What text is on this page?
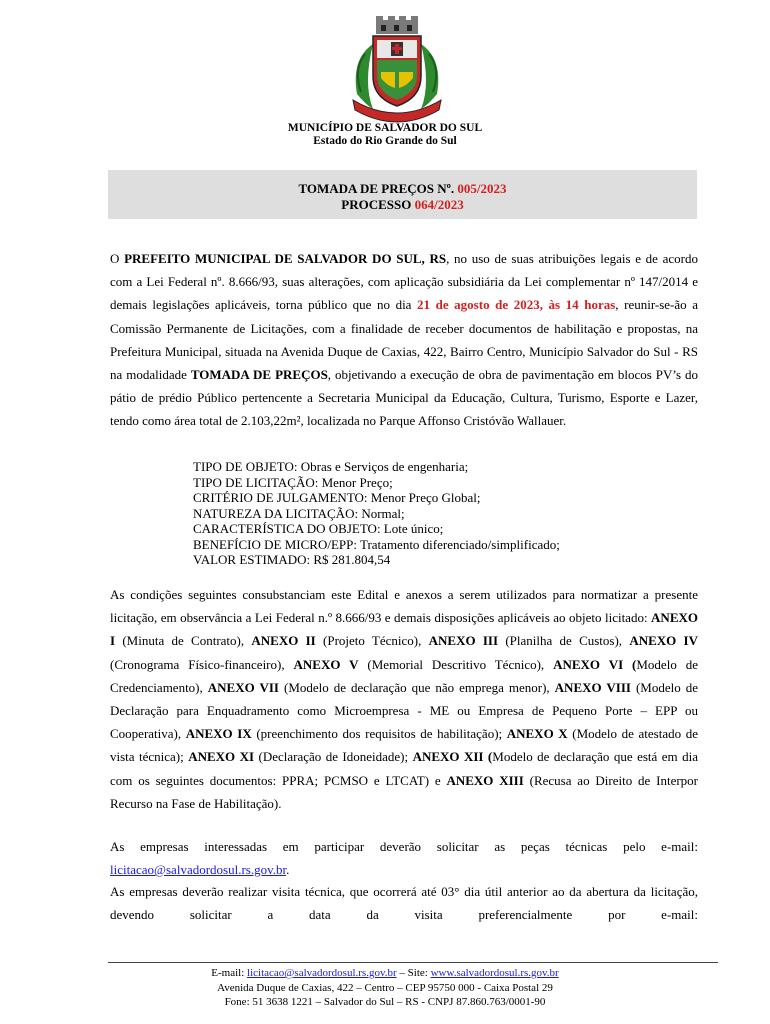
MUNICÍPIO DE SALVADOR DO SUL
Estado do Rio Grande do Sul
TOMADA DE PREÇOS Nº. 005/2023
PROCESSO 064/2023
O PREFEITO MUNICIPAL DE SALVADOR DO SUL, RS, no uso de suas atribuições legais e de acordo com a Lei Federal nº. 8.666/93, suas alterações, com aplicação subsidiária da Lei complementar nº 147/2014 e demais legislações aplicáveis, torna público que no dia 21 de agosto de 2023, às 14 horas, reunir-se-ão a Comissão Permanente de Licitações, com a finalidade de receber documentos de habilitação e propostas, na Prefeitura Municipal, situada na Avenida Duque de Caxias, 422, Bairro Centro, Município Salvador do Sul - RS na modalidade TOMADA DE PREÇOS, objetivando a execução de obra de pavimentação em blocos PV’s do pátio de prédio Público pertencente a Secretaria Municipal da Educação, Cultura, Turismo, Esporte e Lazer, tendo como área total de 2.103,22m², localizada no Parque Affonso Cristóvão Wallauer.
TIPO DE OBJETO: Obras e Serviços de engenharia;
TIPO DE LICITAÇÃO: Menor Preço;
CRITÉRIO DE JULGAMENTO: Menor Preço Global;
NATUREZA DA LICITAÇÃO: Normal;
CARACTERÍSTICA DO OBJETO: Lote único;
BENEFÍCIO DE MICRO/EPP: Tratamento diferenciado/simplificado;
VALOR ESTIMADO: R$ 281.804,54
As condições seguintes consubstanciam este Edital e anexos a serem utilizados para normatizar a presente licitação, em observância a Lei Federal n.º 8.666/93 e demais disposições aplicáveis ao objeto licitado: ANEXO I (Minuta de Contrato), ANEXO II (Projeto Técnico), ANEXO III (Planilha de Custos), ANEXO IV (Cronograma Físico-financeiro), ANEXO V (Memorial Descritivo Técnico), ANEXO VI (Modelo de Credenciamento), ANEXO VII (Modelo de declaração que não emprega menor), ANEXO VIII (Modelo de Declaração para Enquadramento como Microempresa - ME ou Empresa de Pequeno Porte – EPP ou Cooperativa), ANEXO IX (preenchimento dos requisitos de habilitação); ANEXO X (Modelo de atestado de vista técnica); ANEXO XI (Declaração de Idoneidade); ANEXO XII (Modelo de declaração que está em dia com os seguintes documentos: PPRA; PCMSO e LTCAT) e ANEXO XIII (Recusa ao Direito de Interpor Recurso na Fase de Habilitação).
As empresas interessadas em participar deverão solicitar as peças técnicas pelo e-mail: licitacao@salvadordosul.rs.gov.br.
As empresas deverão realizar visita técnica, que ocorrerá até 03° dia útil anterior ao da abertura da licitação, devendo solicitar a data da visita preferencialmente por e-mail:
E-mail: licitacao@salvadordosul.rs.gov.br – Site: www.salvadordosul.rs.gov.br
Avenida Duque de Caxias, 422 – Centro – CEP 95750 000 - Caixa Postal 29
Fone: 51 3638 1221 – Salvador do Sul – RS - CNPJ 87.860.763/0001-90
